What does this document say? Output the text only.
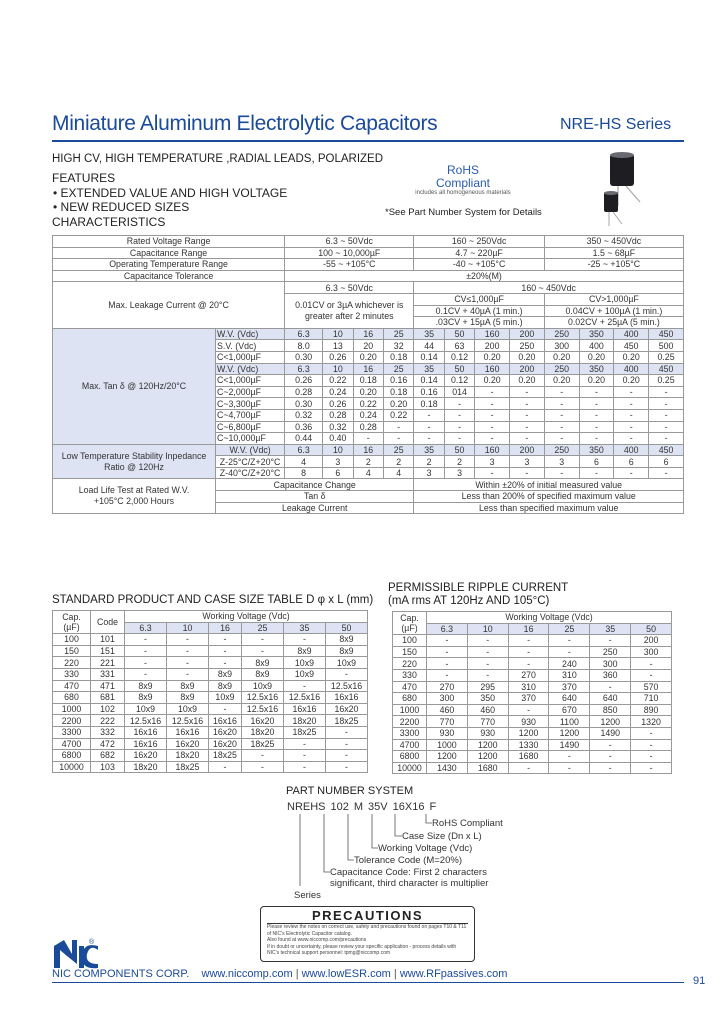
Miniature Aluminum Electrolytic Capacitors	NRE-HS Series
HIGH CV, HIGH TEMPERATURE ,RADIAL LEADS, POLARIZED
FEATURES
• EXTENDED VALUE AND HIGH VOLTAGE
• NEW REDUCED SIZES
CHARACTERISTICS
RoHS
Compliant
includes all homogeneous materials
*See Part Number System for Details
Rated Voltage Range		6.3 ~ 50Vdc				160 ~ 250Vdc				350 ~ 450Vdc			
Capacitance Range		100 ~ 10,000µF				4.7 ~ 220µF				1.5 ~ 68µF			
Operating Temperature Range		-55 ~ +105°C				-40 ~ +105°C				-25 ~ +105°C			
Capacitance Tolerance		±20%(M)											
Max. Leakage Current @ 20°C		6.3 ~ 50Vdc				160 ~ 450Vdc							
		0.01CV or 3µA whichever is greater after 2 minutes				CV≤1,000µF				CV>1,000µF			
						0.1CV + 40µA (1 min.)				0.04CV + 100µA (1 min.)			
						.03CV + 15µA (5 min.)				0.02CV + 25µA (5 min.)			
Max. Tan δ @ 120Hz/20°C	W.V. (Vdc)	6.3	10	16	25	35	50	160	200	250	350	400	450
	S.V. (Vdc)	8.0	13	20	32	44	63	200	250	300	400	450	500
	C<1,000µF	0.30	0.26	0.20	0.18	0.14	0.12	0.20	0.20	0.20	0.20	0.20	0.25
	W.V. (Vdc)	6.3	10	16	25	35	50	160	200	250	350	400	450
	C<1,000µF	0.26	0.22	0.18	0.16	0.14	0.12	0.20	0.20	0.20	0.20	0.20	0.25
	C~2,000µF	0.28	0.24	0.20	0.18	0.16	014	-	-	-	-	-	-
	C~3,300µF	0.30	0.26	0.22	0.20	0.18	-	-	-	-	-	-	-
	C~4,700µF	0.32	0.28	0.24	0.22	-	-	-	-	-	-	-	-
	C~6,800µF	0.36	0.32	0.28	-	-	-	-	-	-	-	-	-
	C~10,000µF	0.44	0.40	-	-	-	-	-	-	-	-	-	-
Low Temperature Stability Inpedance Ratio @ 120Hz	W.V. (Vdc)	6.3	10	16	25	35	50	160	200	250	350	400	450
	Z-25°C/Z+20°C	4	3	2	2	2	2	3	3	3	6	6	6
	Z-40°C/Z+20°C	8	6	4	4	3	3	-	-	-	-	-	-
Load Life Test at Rated W.V. +105°C 2,000 Hours	Capacitance Change					Within ±20% of initial measured value							
	Tan δ					Less than 200% of specified maximum value							
	Leakage Current					Less than specified maximum value							
STANDARD PRODUCT AND CASE SIZE TABLE D φ x L (mm)
Cap. (µF)	Code	Working Voltage (Vdc)					
		6.3	10	16	25	35	50
100	101	-	-	-	-	-	8x9
150	151	-	-	-	-	8x9	8x9
220	221	-	-	-	8x9	10x9	10x9
330	331	-	-	8x9	8x9	10x9	-
470	471	8x9	8x9	8x9	10x9	-	12.5x16
680	681	8x9	8x9	10x9	12.5x16	12.5x16	16x16
1000	102	10x9	10x9	-	12.5x16	16x16	16x20
2200	222	12.5x16	12.5x16	16x16	16x20	18x20	18x25
3300	332	16x16	16x16	16x20	18x20	18x25	-
4700	472	16x16	16x20	16x20	18x25	-	-
6800	682	16x20	18x20	18x25	-	-	-
10000	103	18x20	18x25	-	-	-	-
PERMISSIBLE RIPPLE CURRENT
(mA rms AT 120Hz AND 105°C)
Cap. (µF)	Working Voltage (Vdc)					
	6.3	10	16	25	35	50
100	-	-	-	-	-	200
150	-	-	-	-	250	300
220	-	-	-	240	300	-
330	-	-	270	310	360	-
470	270	295	310	370	-	570
680	300	350	370	640	640	710
1000	460	460	-	670	850	890
2200	770	770	930	1100	1200	1320
3300	930	930	1200	1200	1490	-
4700	1000	1200	1330	1490	-	-
6800	1200	1200	1680	-	-	-
10000	1430	1680	-	-	-	-
PART NUMBER SYSTEM
NREHS 102 M 35V 16X16 F
RoHS Compliant
Case Size (Dn x L)
Working Voltage (Vdc)
Tolerance Code (M=20%)
Capacitance Code: First 2 characters
significant, third character is multiplier
Series
PRECAUTIONS
Please review the notes on correct use, safety and precautions found on pages T10 & T11
of NIC's Electrolytic Capacitor catalog.
Also found at www.niccomp.com/precautions
If in doubt or uncertainty, please review your specific application - process details with
NIC's technical support personnel: tpmg@niccomp.com
®
NIC COMPONENTS CORP. www.niccomp.com | www.lowESR.com | www.RFpassives.com
91
